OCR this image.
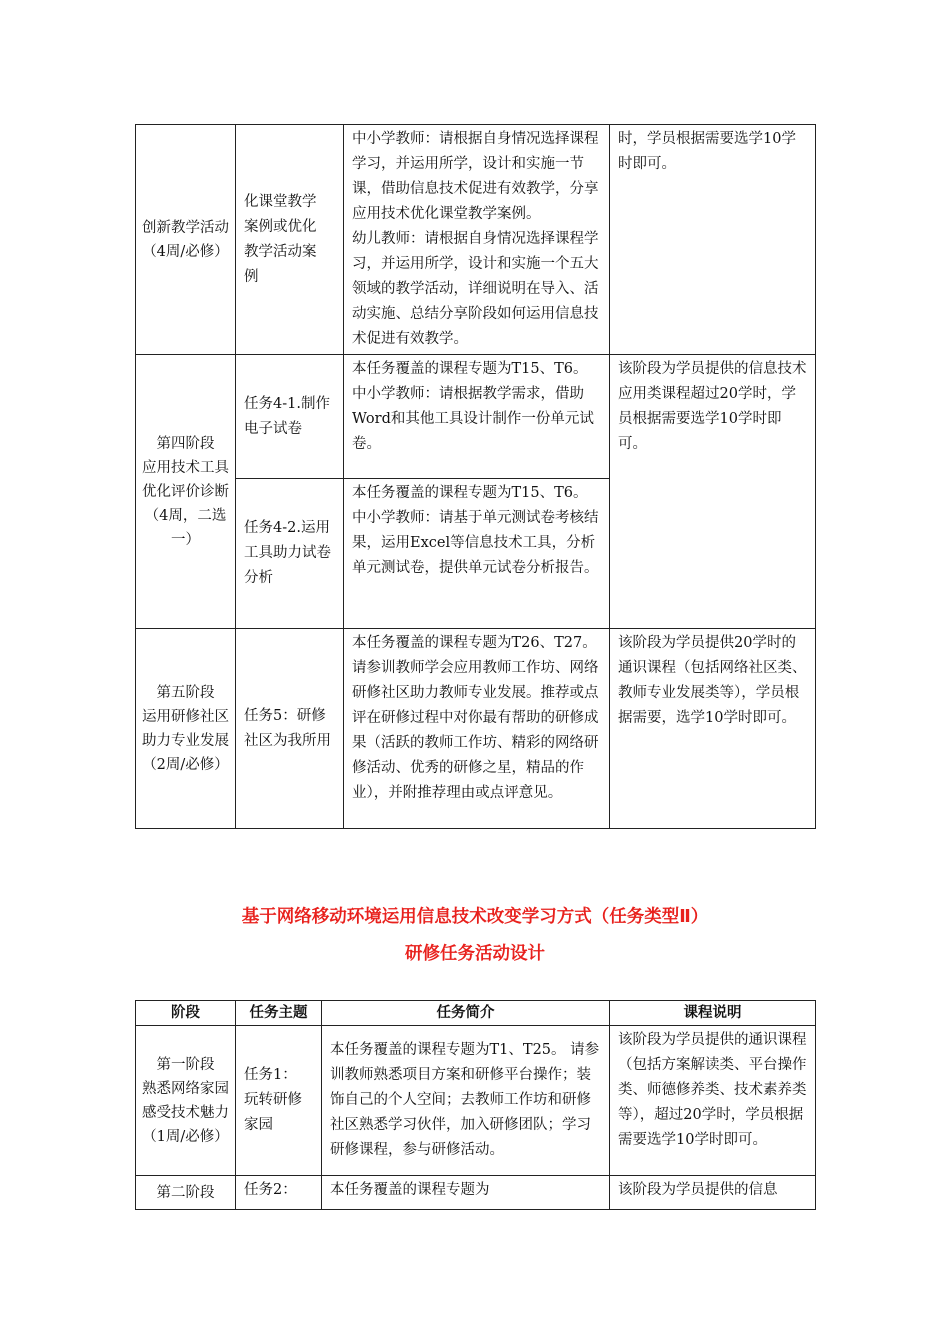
创新教学活动
（4周/必修）	化课堂教学
案例或优化
教学活动案
例	中小学教师：请根据自身情况选择课程学习，并运用所学，设计和实施一节课，借助信息技术促进有效教学，分享应用技术优化课堂教学案例。
幼儿教师：请根据自身情况选择课程学习，并运用所学，设计和实施一个五大领域的教学活动，详细说明在导入、活动实施、总结分享阶段如何运用信息技术促进有效教学。	时，学员根据需要选学10学时即可。
第四阶段
应用技术工具
优化评价诊断
（4周，二选一）	任务4-1.制作电子试卷	本任务覆盖的课程专题为T15、T6。
中小学教师：请根据教学需求，借助Word和其他工具设计制作一份单元试卷。	该阶段为学员提供的信息技术应用类课程超过20学时，学员根据需要选学10学时即可。
	任务4-2.运用工具助力试卷分析	本任务覆盖的课程专题为T15、T6。
中小学教师：请基于单元测试卷考核结果，运用Excel等信息技术工具，分析单元测试卷，提供单元试卷分析报告。	
第五阶段
运用研修社区
助力专业发展
（2周/必修）	任务5：研修社区为我所用	本任务覆盖的课程专题为T26、T27。请参训教师学会应用教师工作坊、网络研修社区助力教师专业发展。推荐或点评在研修过程中对你最有帮助的研修成果（活跃的教师工作坊、精彩的网络研修活动、优秀的研修之星，精品的作业），并附推荐理由或点评意见。	该阶段为学员提供20学时的通识课程（包括网络社区类、教师专业发展类等），学员根据需要，选学10学时即可。
基于网络移动环境运用信息技术改变学习方式（任务类型Ⅱ）
研修任务活动设计
阶段	任务主题	任务简介	课程说明
第一阶段
熟悉网络家园
感受技术魅力
（1周/必修）	任务1：
玩转研修
家园	本任务覆盖的课程专题为T1、T25。 请参训教师熟悉项目方案和研修平台操作；装饰自己的个人空间；去教师工作坊和研修社区熟悉学习伙伴，加入研修团队；学习研修课程，参与研修活动。	该阶段为学员提供的通识课程（包括方案解读类、平台操作类、师德修养类、技术素养类等），超过20学时，学员根据需要选学10学时即可。
第二阶段	任务2：	本任务覆盖的课程专题为	该阶段为学员提供的信息
